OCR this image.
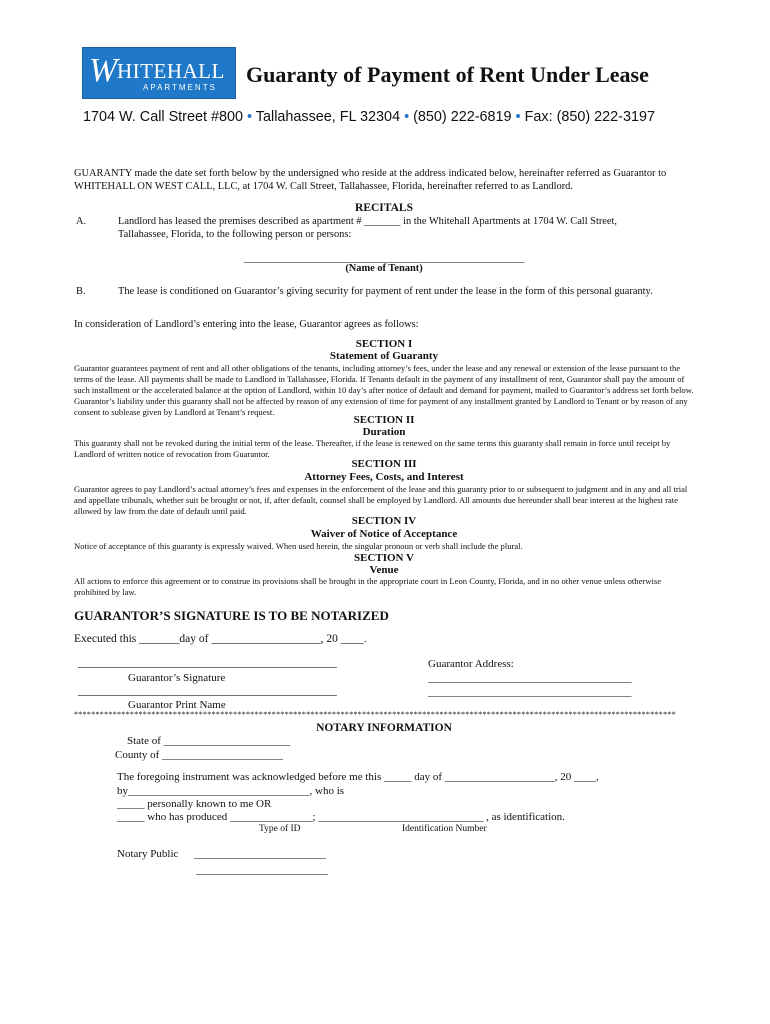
W HITEHALL
APARTMENTS
Guaranty of Payment of Rent Under Lease
1704 W. Call Street #800 • Tallahassee, FL 32304 • (850) 222-6819 • Fax: (850) 222-3197
GUARANTY made the date set forth below by the undersigned who reside at the address indicated below, hereinafter referred as Guarantor to WHITEHALL ON WEST CALL, LLC, at 1704 W. Call Street, Tallahassee, Florida, hereinafter referred to as Landlord.
RECITALS
A.	Landlord has leased the premises described as apartment # _______ in the Whitehall Apartments at 1704 W. Call Street, Tallahassee, Florida, to the following person or persons:
______________________________________________________
(Name of Tenant)
B.	The lease is conditioned on Guarantor’s giving security for payment of rent under the lease in the form of this personal guaranty.
In consideration of Landlord’s entering into the lease, Guarantor agrees as follows:
SECTION I
Statement of Guaranty
Guarantor guarantees payment of rent and all other obligations of the tenants, including attorney’s fees, under the lease and any renewal or extension of the lease pursuant to the terms of the lease. All payments shall be made to Landlord in Tallahassee, Florida. If Tenants default in the payment of any installment of rent, Guarantor shall pay the amount of such installment or the accelerated balance at the option of Landlord, within 10 day’s after notice of default and demand for payment, mailed to Guarantor’s address set forth below. Guarantor’s liability under this guaranty shall not be affected by reason of any extension of time for payment of any installment granted by Landlord to Tenant or by reason of any consent to sublease given by Landlord at Tenant’s request.
SECTION II
Duration
This guaranty shall not be revoked during the initial term of the lease. Thereafter, if the lease is renewed on the same terms this guaranty shall remain in force until receipt by Landlord of written notice of revocation from Guarantor.
SECTION III
Attorney Fees, Costs, and Interest
Guarantor agrees to pay Landlord’s actual attorney’s fees and expenses in the enforcement of the lease and this guaranty prior to or subsequent to judgment and in any and all trial and appellate tribunals, whether suit be brought or not, if, after default, counsel shall be employed by Landlord. All amounts due hereunder shall bear interest at the highest rate allowed by law from the date of default until paid.
SECTION IV
Waiver of Notice of Acceptance
Notice of acceptance of this guaranty is expressly waived. When used herein, the singular pronoun or verb shall include the plural.
SECTION V
Venue
All actions to enforce this agreement or to construe its provisions shall be brought in the appropriate court in Leon County, Florida, and in no other venue unless otherwise prohibited by law.
GUARANTOR’S SIGNATURE IS TO BE NOTARIZED
Executed this _______day of ___________________, 20 ____.
_____________________________________________
Guarantor’s Signature
_____________________________________________
Guarantor Print Name
Guarantor Address:
_____________________________________
_____________________________________
********************************************************************************************************************************************
NOTARY INFORMATION
State of _______________________
County of ______________________
The foregoing instrument was acknowledged before me this _____ day of ____________________, 20 ____,
by_________________________________, who is
_____ personally known to me OR
_____ who has produced _______________; ______________________________ , as identification.
Type of ID	Identification Number
Notary Public ________________________
________________________
